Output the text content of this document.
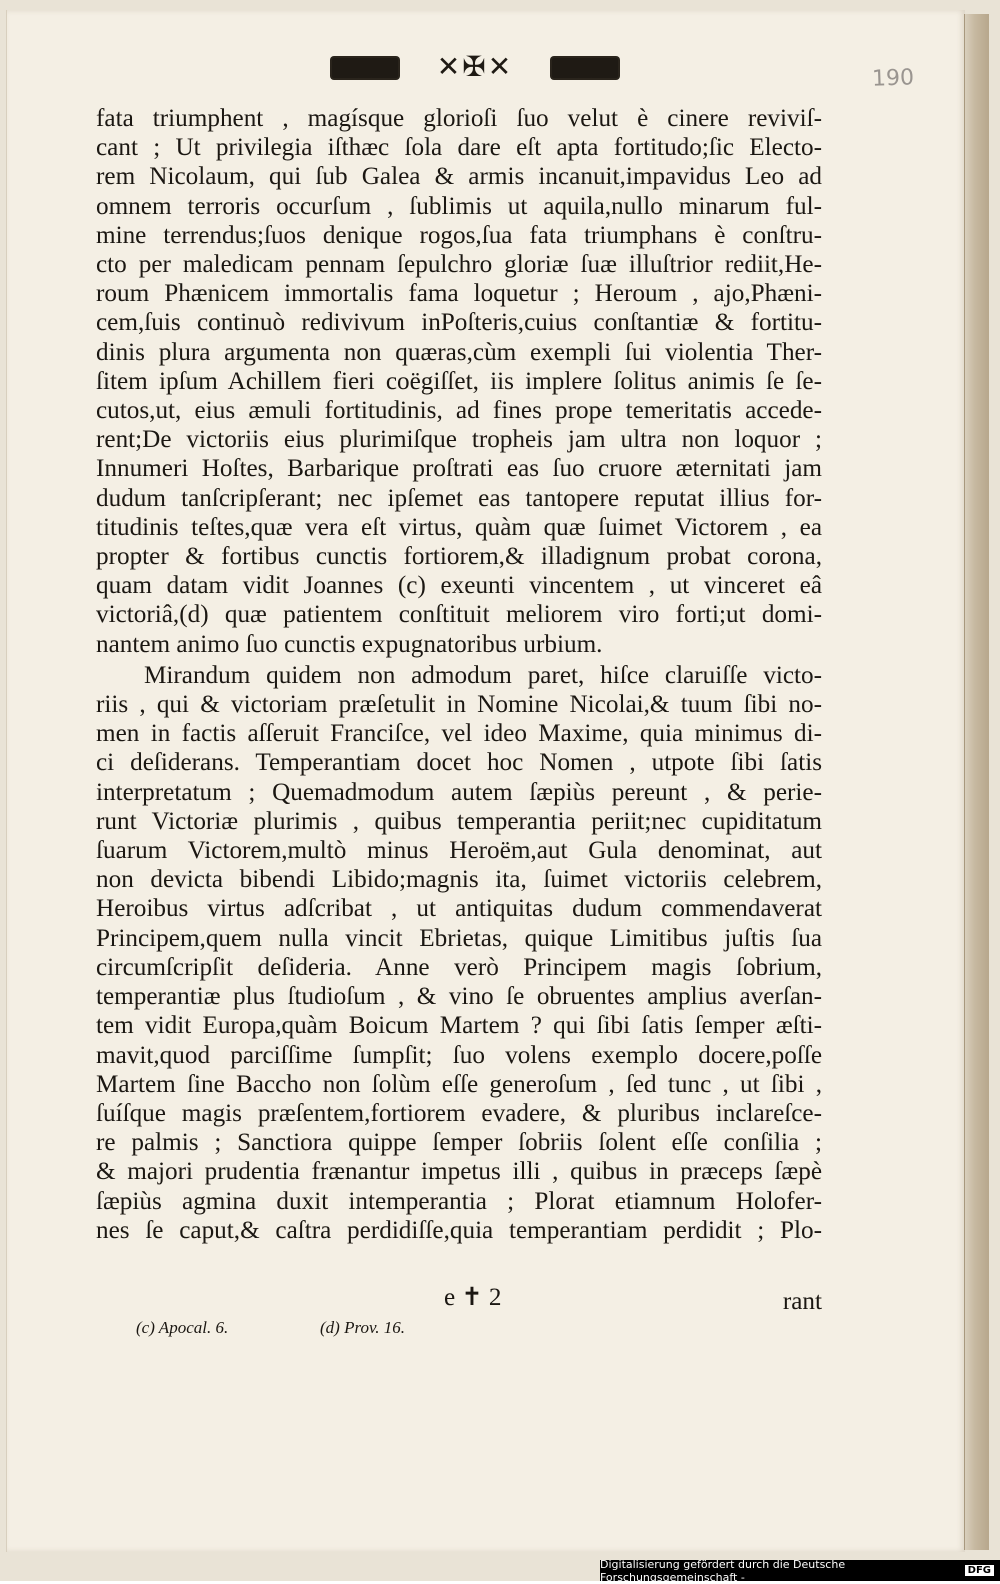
✕✠✕	190
fata triumphent , magísque glorioſi ſuo velut è cinere reviviſ-
cant ; Ut privilegia iſthæc ſola dare eſt apta fortitudo;ſic Electo-
rem Nicolaum, qui ſub Galea & armis incanuit,impavidus Leo ad
omnem terroris occurſum , ſublimis ut aquila,nullo minarum ful-
mine terrendus;ſuos denique rogos,ſua fata triumphans è conſtru-
cto per maledicam pennam ſepulchro gloriæ ſuæ illuſtrior rediit,He-
roum Phænicem immortalis fama loquetur ; Heroum , ajo,Phæni-
cem,ſuis continuò redivivum inPoſteris,cuius conſtantiæ & fortitu-
dinis plura argumenta non quæras,cùm exempli ſui violentia Ther-
ſitem ipſum Achillem fieri coëgiſſet, iis implere ſolitus animis ſe ſe-
cutos,ut, eius æmuli fortitudinis, ad fines prope temeritatis accede-
rent;De victoriis eius plurimiſque tropheis jam ultra non loquor ;
Innumeri Hoſtes, Barbarique proſtrati eas ſuo cruore æternitati jam
dudum tanſcripſerant; nec ipſemet eas tantopere reputat illius for-
titudinis teſtes,quæ vera eſt virtus, quàm quæ ſuimet Victorem , ea
propter & fortibus cunctis fortiorem,& illadignum probat corona,
quam datam vidit Joannes (c) exeunti vincentem , ut vinceret eâ
victoriâ,(d) quæ patientem conſtituit meliorem viro forti;ut domi-
nantem animo ſuo cunctis expugnatoribus urbium.
Mirandum quidem non admodum paret, hiſce claruiſſe victo-
riis , qui & victoriam præſetulit in Nomine Nicolai,& tuum ſibi no-
men in factis aſſeruit Franciſce, vel ideo Maxime, quia minimus di-
ci deſiderans. Temperantiam docet hoc Nomen , utpote ſibi ſatis
interpretatum ; Quemadmodum autem ſæpiùs pereunt , & perie-
runt Victoriæ plurimis , quibus temperantia periit;nec cupiditatum
ſuarum Victorem,multò minus Heroëm,aut Gula denominat, aut
non devicta bibendi Libido;magnis ita, ſuimet victoriis celebrem,
Heroibus virtus adſcribat , ut antiquitas dudum commendaverat
Principem,quem nulla vincit Ebrietas, quique Limitibus juſtis ſua
circumſcripſit deſideria. Anne verò Principem magis ſobrium,
temperantiæ plus ſtudioſum , & vino ſe obruentes amplius averſan-
tem vidit Europa,quàm Boicum Martem ? qui ſibi ſatis ſemper æſti-
mavit,quod parciſſime ſumpſit; ſuo volens exemplo docere,poſſe
Martem ſine Baccho non ſolùm eſſe generoſum , ſed tunc , ut ſibi ,
ſuíſque magis præſentem,fortiorem evadere, & pluribus inclareſce-
re palmis ; Sanctiora quippe ſemper ſobriis ſolent eſſe conſilia ;
& majori prudentia frænantur impetus illi , quibus in præceps ſæpè
ſæpiùs agmina duxit intemperantia ; Plorat etiamnum Holofer-
nes ſe caput,& caſtra perdidiſſe,quia temperantiam perdidit ; Plo-
e ✝ 2	rant
(c) Apocal. 6.	(d) Prov. 16.
Digitalisierung gefördert durch die Deutsche Forschungsgemeinschaft -	DFG
